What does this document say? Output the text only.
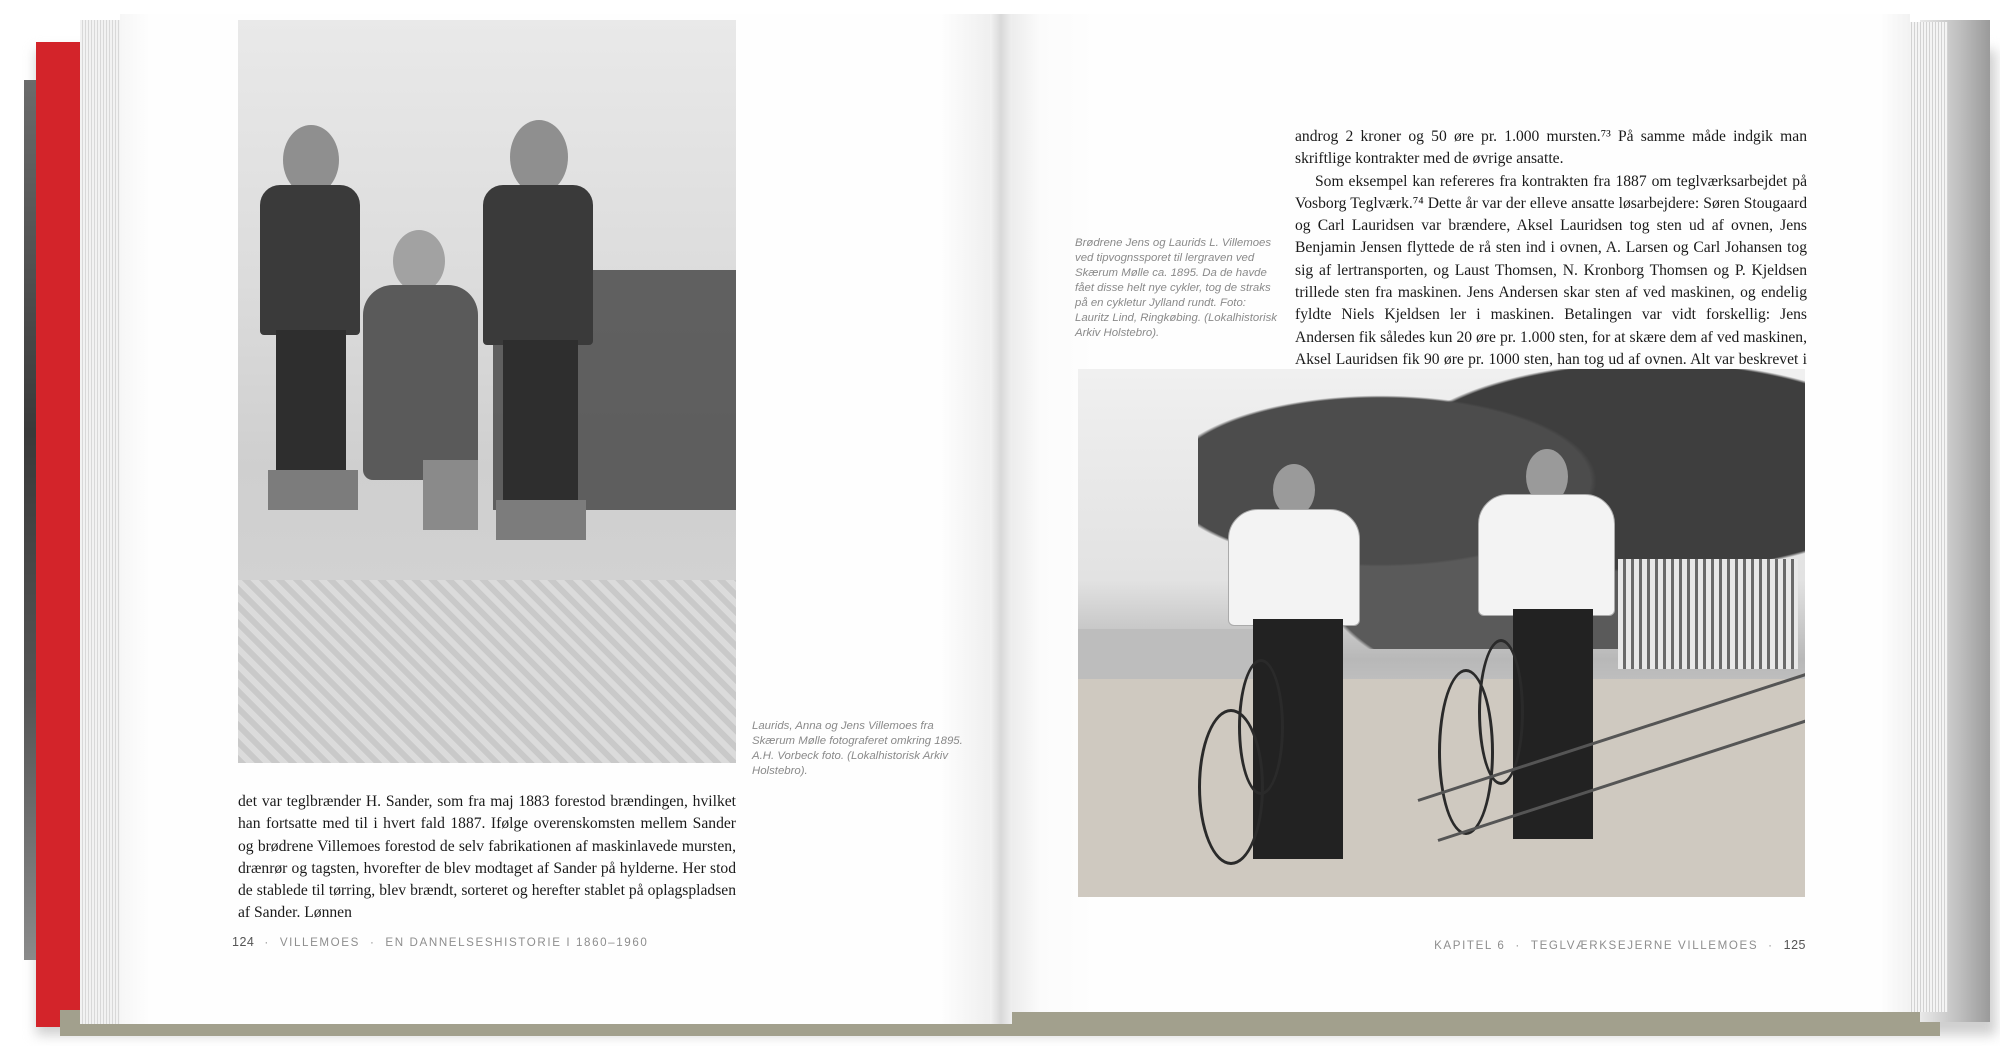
Laurids, Anna og Jens Villemoes fra Skærum Mølle fotograferet omkring 1895. A.H. Vorbeck foto. (Lokalhistorisk Arkiv Holstebro).

det var teglbrænder H. Sander, som fra maj 1883 forestod brændingen, hvilket han fortsatte med til i hvert fald 1887. Ifølge overenskomsten mellem Sander og brødrene Villemoes forestod de selv fabrikationen af maskinlavede mursten, drænrør og tagsten, hvorefter de blev modtaget af Sander på hylderne. Her stod de stablede til tørring, blev brændt, sorteret og herefter stablet på oplagspladsen af Sander. Lønnen

124 · VILLEMOES · EN DANNELSESHISTORIE I 1860–1960
Brødrene Jens og Laurids L. Villemoes ved tipvognssporet til lergraven ved Skærum Mølle ca. 1895. Da de havde fået disse helt nye cykler, tog de straks på en cykletur Jylland rundt. Foto: Lauritz Lind, Ringkøbing. (Lokalhistorisk Arkiv Holstebro).

androg 2 kroner og 50 øre pr. 1.000 mursten.⁷³ På samme måde indgik man skriftlige kontrakter med de øvrige ansatte.

Som eksempel kan refereres fra kontrakten fra 1887 om teglværksarbejdet på Vosborg Teglværk.⁷⁴ Dette år var der elleve ansatte løsarbejdere: Søren Stougaard og Carl Lauridsen var brændere, Aksel Lauridsen tog sten ud af ovnen, Jens Benjamin Jensen flyttede de rå sten ind i ovnen, A. Larsen og Carl Johansen tog sig af lertransporten, og Laust Thomsen, N. Kronborg Thomsen og P. Kjeldsen trillede sten fra maskinen. Jens Andersen skar sten af ved maskinen, og endelig fyldte Niels Kjeldsen ler i maskinen. Betalingen var vidt forskellig: Jens Andersen fik således kun 20 øre pr. 1.000 sten, for at skære dem af ved maskinen, Aksel Lauridsen fik 90 øre pr. 1000 sten, han tog ud af ovnen. Alt var beskrevet i

KAPITEL 6 · TEGLVÆRKSEJERNE VILLEMOES · 125
